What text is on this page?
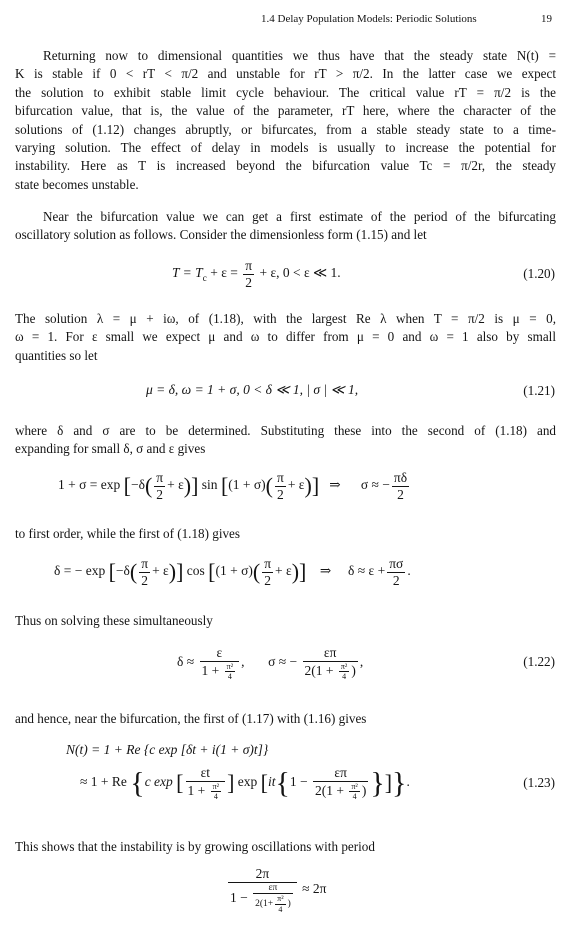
1.4 Delay Population Models: Periodic Solutions	19
Returning now to dimensional quantities we thus have that the steady state N(t) =
K is stable if 0 < rT < π/2 and unstable for rT > π/2. In the latter case we expect
the solution to exhibit stable limit cycle behaviour. The critical value rT = π/2 is the
bifurcation value, that is, the value of the parameter, rT here, where the character of the
solutions of (1.12) changes abruptly, or bifurcates, from a stable steady state to a time-
varying solution. The effect of delay in models is usually to increase the potential for
instability. Here as T is increased beyond the bifurcation value Tc = π/2r, the steady
state becomes unstable.
Near the bifurcation value we can get a first estimate of the period of the bifurcating
oscillatory solution as follows. Consider the dimensionless form (1.15) and let
$T = T_c + \varepsilon = \frac{\pi}{2} + \varepsilon$, 0 < ε ≪ 1.	(1.20)
The solution λ = μ + iω, of (1.18), with the largest Re λ when T = π/2 is μ = 0,
ω = 1. For ε small we expect μ and ω to differ from μ = 0 and ω = 1 also by small
quantities so let
μ = δ, ω = 1 + σ, 0 < δ ≪ 1, | σ | ≪ 1,	(1.21)
where δ and σ are to be determined. Substituting these into the second of (1.18) and
expanding for small δ, σ and ε gives
$1 + \sigma = \exp [-\delta( \frac{\pi}{2} + \varepsilon)]$ $\sin [(1 + \sigma)( \frac{\pi}{2} + \varepsilon)]$ ⇒ σ ≈ − $\frac{\pi\delta}{2}$
to first order, while the first of (1.18) gives
δ = − $\exp [-\delta( \frac{\pi}{2} + \varepsilon)]$ $\cos [(1 + \sigma)( \frac{\pi}{2} + \varepsilon)]$ ⇒ $\delta \approx \varepsilon + \frac{\pi\sigma}{2}$ .
Thus on solving these simultaneously
$\delta \approx \frac{\varepsilon}{1 + \frac{\text{π²}}{4}}$ , σ ≈ − $\frac{\varepsilon\pi}{2(1 + \frac{\text{π²}}{4} )}$ ,	(1.22)
and hence, near the bifurcation, the first of (1.17) with (1.16) gives
N(t) = 1 + Re {c exp [δt + i(1 + σ)t]}
≈ 1 + Re {c exp [ $\frac{\varepsilon t}{1 + \frac{\text{π²}}{4}}$ ] $\exp [it\{1 - \frac{\varepsilon\pi}{2(1 + \frac{\text{π²}}{4} )}$ }]}.	(1.23)
This shows that the instability is by growing oscillations with period
$\frac{2\pi}{1 - \frac{\varepsilon\pi}{2(1+ \frac{\text{π²}}{4} )}} \approx 2\pi$
